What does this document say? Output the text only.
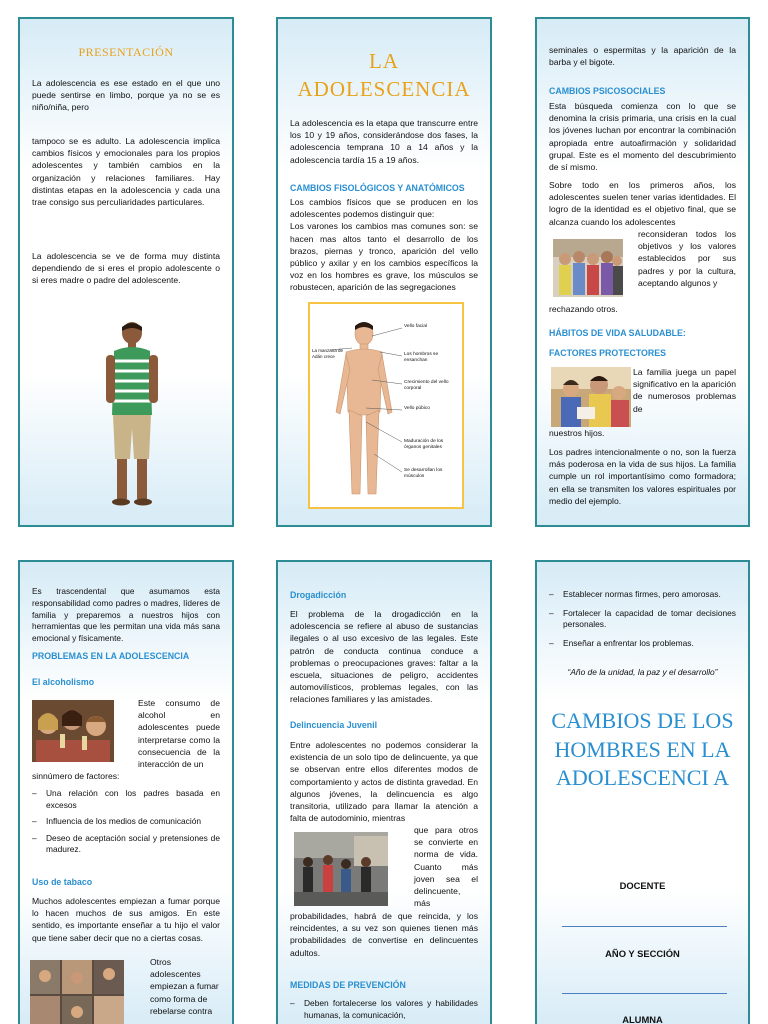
PRESENTACIÓN

La adolescencia es ese estado en el que uno puede sentirse en limbo, porque ya no se es niño/niña, pero

tampoco se es adulto. La adolescencia implica cambios físicos y emocionales para los propios adolescentes y también cambios en la organización y relaciones familiares. Hay distintas etapas en la adolescencia y cada una trae consigo sus perculiaridades particulares.

La adolescencia se ve de forma muy distinta dependiendo de si eres el propio adolescente o si eres madre o padre del adolescente.

LA
ADOLESCENCIA

La adolescencia es la etapa que transcurre entre los 10 y 19 años, considerándose dos fases, la adolescencia temprana 10 a 14 años y la adolescencia tardía 15 a 19 años.

CAMBIOS FISOLÓGICOS Y ANATÓMICOS

Los cambios físicos que se producen en los adolescentes podemos distinguir que:
Los varones los cambios mas comunes son: se hacen mas altos tanto el desarrollo de los brazos, piernas y tronco, aparición del vello público y axilar y en los cambios específicos la voz en los hombres es grave, los músculos se robustecen, aparición de las segregaciones

La manzana de Adán crece
Vello facial
Los hombros se ensanchan
Crecimiento del vello corporal
Vello púbico
Maduración de los órganos genitales
Se desarrollan los músculos

seminales o espermitas y la aparición de la barba y el bigote.

CAMBIOS PSICOSOCIALES

Esta búsqueda comienza con lo que se denomina la crisis primaria, una crisis en la cual los jóvenes luchan por encontrar la combinación apropiada entre autoafirmación y solidaridad grupal. Este es el momento del descubrimiento de sí mismo.

Sobre todo en los primeros años, los adolescentes suelen tener varias identidades. El logro de la identidad es el objetivo final, que se alcanza cuando los adolescentes

reconsideran todos los objetivos y los valores establecidos por sus padres y por la cultura, aceptando algunos y

rechazando otros.

HÁBITOS DE VIDA SALUDABLE:
FACTORES PROTECTORES

La familia juega un papel significativo en la aparición de numerosos problemas de

nuestros hijos.

Los padres intencionalmente o no, son la fuerza más poderosa en la vida de sus hijos. La familia cumple un rol importantísimo como formadora; en ella se transmiten los valores espirituales por medio del ejemplo.

Es trascendental que asumamos esta responsabilidad como padres o madres, líderes de familia y preparemos a nuestros hijos con herramientas que les permitan una vida más sana emocional y físicamente.

PROBLEMAS EN LA ADOLESCENCIA
El alcoholismo

Este consumo de alcohol en adolescentes puede interpretarse como la consecuencia de la interacción de un

sinnúmero de factores:

–	Una relación con los padres basada en excesos
–	Influencia de los medios de comunicación
–	Deseo de aceptación social y pretensiones de madurez.
Uso de tabaco

Muchos adolescentes empiezan a fumar porque lo hacen muchos de sus amigos. En este sentido, es importante enseñar a tu hijo el valor que tiene saber decir que no a ciertas cosas.

Otros adolescentes empiezan a fumar como forma de rebelarse contra

Drogadicción

El problema de la drogadicción en la adolescencia se refiere al abuso de sustancias ilegales o al uso excesivo de las legales. Este patrón de conducta continua conduce a problemas o preocupaciones graves: faltar a la escuela, situaciones de peligro, accidentes automovilísticos, problemas legales, con las relaciones familiares y las amistades.

Delincuencia Juvenil

Entre adolescentes no podemos considerar la existencia de un solo tipo de delincuente, ya que se observan entre ellos diferentes modos de comportamiento y actos de distinta gravedad. En algunos jóvenes, la delincuencia es algo transitoria, utilizado para llamar la atención a falta de autodominio, mientras

que para otros se convierte en norma de vida. Cuanto más joven sea el delincuente, más

probabilidades, habrá de que reincida, y los reincidentes, a su vez son quienes tienen más probabilidades de convertise en delincuentes adultos.

MEDIDAS DE PREVENCIÓN
–	Deben fortalecerse los valores y habilidades humanas, la comunicación,
–	Establecer normas firmes, pero amorosas.
–	Fortalecer la capacidad de tomar decisiones personales.
–	Enseñar a enfrentar los problemas.
“Año de la unidad, la paz y el desarrollo”
CAMBIOS DE LOS HOMBRES EN LA ADOLESCENCI A
DOCENTE
AÑO Y SECCIÓN
ALUMNA
